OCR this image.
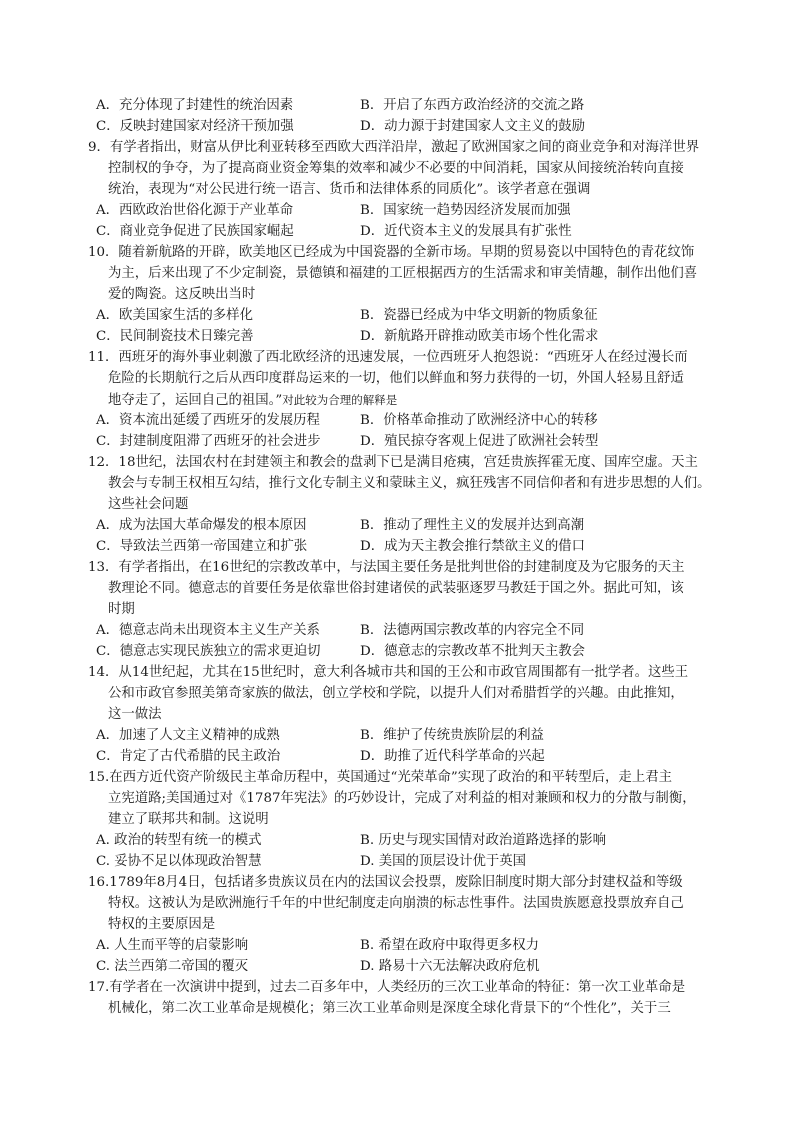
A．充分体现了封建性的统治因素	B．开启了东西方政治经济的交流之路
C．反映封建国家对经济干预加强	D．动力源于封建国家人文主义的鼓励
9．有学者指出，财富从伊比利亚转移至西欧大西洋沿岸，激起了欧洲国家之间的商业竞争和对海洋世界
控制权的争夺，为了提高商业资金筹集的效率和减少不必要的中间消耗，国家从间接统治转向直接
统治，表现为“对公民进行统一语言、货币和法律体系的同质化”。该学者意在强调
A．西欧政治世俗化源于产业革命	B．国家统一趋势因经济发展而加强
C．商业竞争促进了民族国家崛起	D．近代资本主义的发展具有扩张性
10．随着新航路的开辟，欧美地区已经成为中国瓷器的全新市场。早期的贸易瓷以中国特色的青花纹饰
为主，后来出现了不少定制瓷，景德镇和福建的工匠根据西方的生活需求和审美情趣，制作出他们喜
爱的陶瓷。这反映出当时
A．欧美国家生活的多样化	B．瓷器已经成为中华文明新的物质象征
C．民间制瓷技术日臻完善	D．新航路开辟推动欧美市场个性化需求
11．西班牙的海外事业刺激了西北欧经济的迅速发展，一位西班牙人抱怨说：“西班牙人在经过漫长而
危险的长期航行之后从西印度群岛运来的一切，他们以鲜血和努力获得的一切，外国人轻易且舒适
地夺走了，运回自己的祖国。”对此较为合理的解释是
A．资本流出延缓了西班牙的发展历程	B．价格革命推动了欧洲经济中心的转移
C．封建制度阻滞了西班牙的社会进步	D．殖民掠夺客观上促进了欧洲社会转型
12．18世纪，法国农村在封建领主和教会的盘剥下已是满目疮痍，宫廷贵族挥霍无度、国库空虚。天主
教会与专制王权相互勾结，推行文化专制主义和蒙昧主义，疯狂残害不同信仰者和有进步思想的人们。
这些社会问题
A．成为法国大革命爆发的根本原因	B．推动了理性主义的发展并达到高潮
C．导致法兰西第一帝国建立和扩张	D．成为天主教会推行禁欲主义的借口
13．有学者指出，在16世纪的宗教改革中，与法国主要任务是批判世俗的封建制度及为它服务的天主
教理论不同。德意志的首要任务是依靠世俗封建诸侯的武装驱逐罗马教廷于国之外。据此可知，该
时期
A．德意志尚未出现资本主义生产关系	B．法德两国宗教改革的内容完全不同
C．德意志实现民族独立的需求更迫切	D．德意志的宗教改革不批判天主教会
14．从14世纪起，尤其在15世纪时，意大利各城市共和国的王公和市政官周围都有一批学者。这些王
公和市政官参照美第奇家族的做法，创立学校和学院，以提升人们对希腊哲学的兴趣。由此推知，
这一做法
A．加速了人文主义精神的成熟	B．维护了传统贵族阶层的利益
C．肯定了古代希腊的民主政治	D．助推了近代科学革命的兴起
15.在西方近代资产阶级民主革命历程中，英国通过“光荣革命”实现了政治的和平转型后，走上君主
立宪道路;美国通过对《1787年宪法》的巧妙设计，完成了对利益的相对兼顾和权力的分散与制衡，
建立了联邦共和制。这说明
A. 政治的转型有统一的模式	B. 历史与现实国情对政治道路选择的影响
C. 妥协不足以体现政治智慧	D. 美国的顶层设计优于英国
16.1789年8月4日，包括诸多贵族议员在内的法国议会投票，废除旧制度时期大部分封建权益和等级
特权。这被认为是欧洲施行千年的中世纪制度走向崩溃的标志性事件。法国贵族愿意投票放弃自己
特权的主要原因是
A. 人生而平等的启蒙影响	B. 希望在政府中取得更多权力
C. 法兰西第二帝国的覆灭	D. 路易十六无法解决政府危机
17.有学者在一次演讲中提到，过去二百多年中，人类经历的三次工业革命的特征：第一次工业革命是
机械化，第二次工业革命是规模化；第三次工业革命则是深度全球化背景下的“个性化”，关于三
